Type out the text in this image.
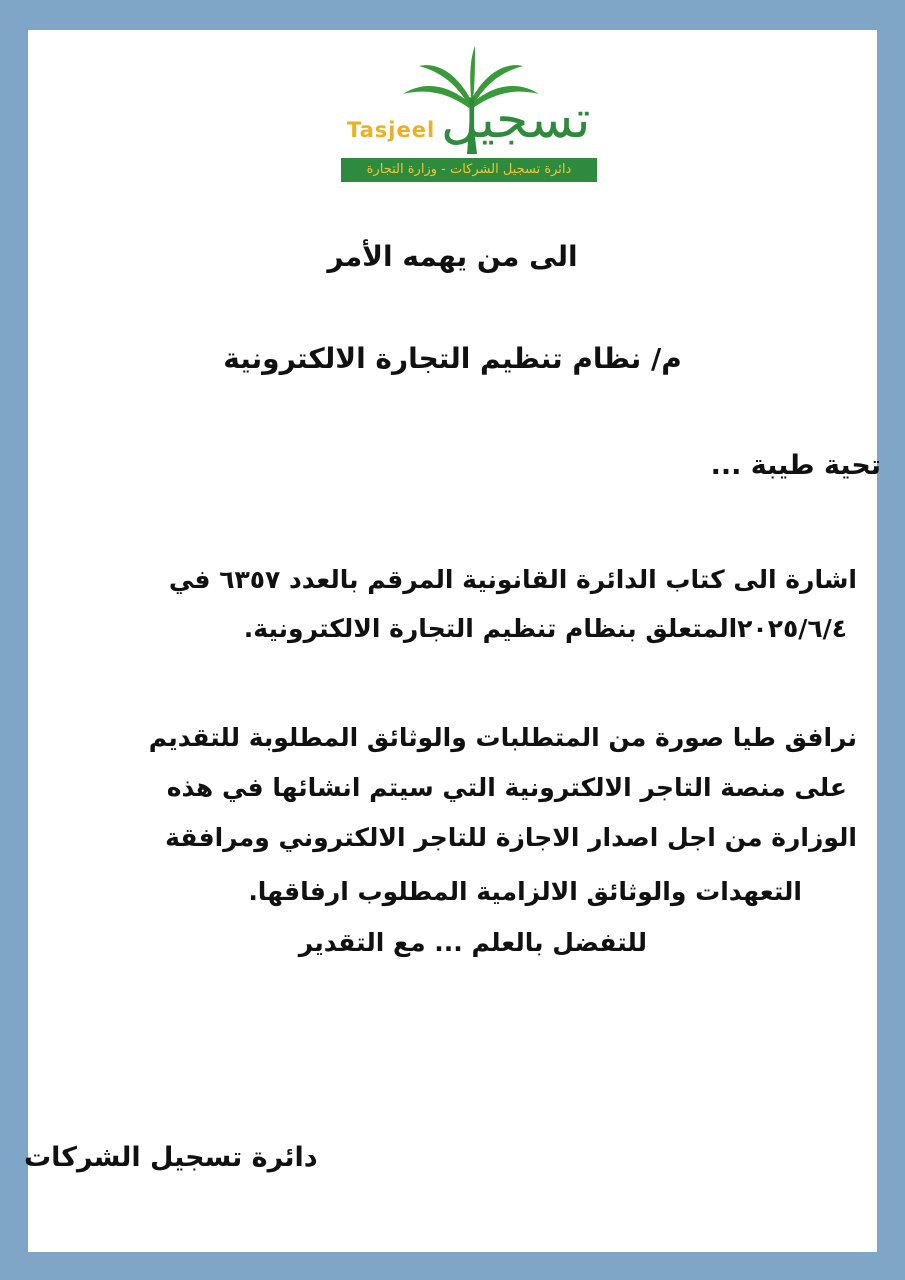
Tasjeel تسجيل
دائرة تسجيل الشركات - وزارة التجارة
الى من يهمه الأمر
م/ نظام تنظيم التجارة الالكترونية
تحية طيبة ...
اشارة الى كتاب الدائرة القانونية المرقم بالعدد ٦٣٥٧ في
٢٠٢٥/٦/٤المتعلق بنظام تنظيم التجارة الالكترونية.
نرافق طيا صورة من المتطلبات والوثائق المطلوبة للتقديم
على منصة التاجر الالكترونية التي سيتم انشائها في هذه
الوزارة من اجل اصدار الاجازة للتاجر الالكتروني ومرافقة
التعهدات والوثائق الالزامية المطلوب ارفاقها.
للتفضل بالعلم ... مع التقدير
دائرة تسجيل الشركات
